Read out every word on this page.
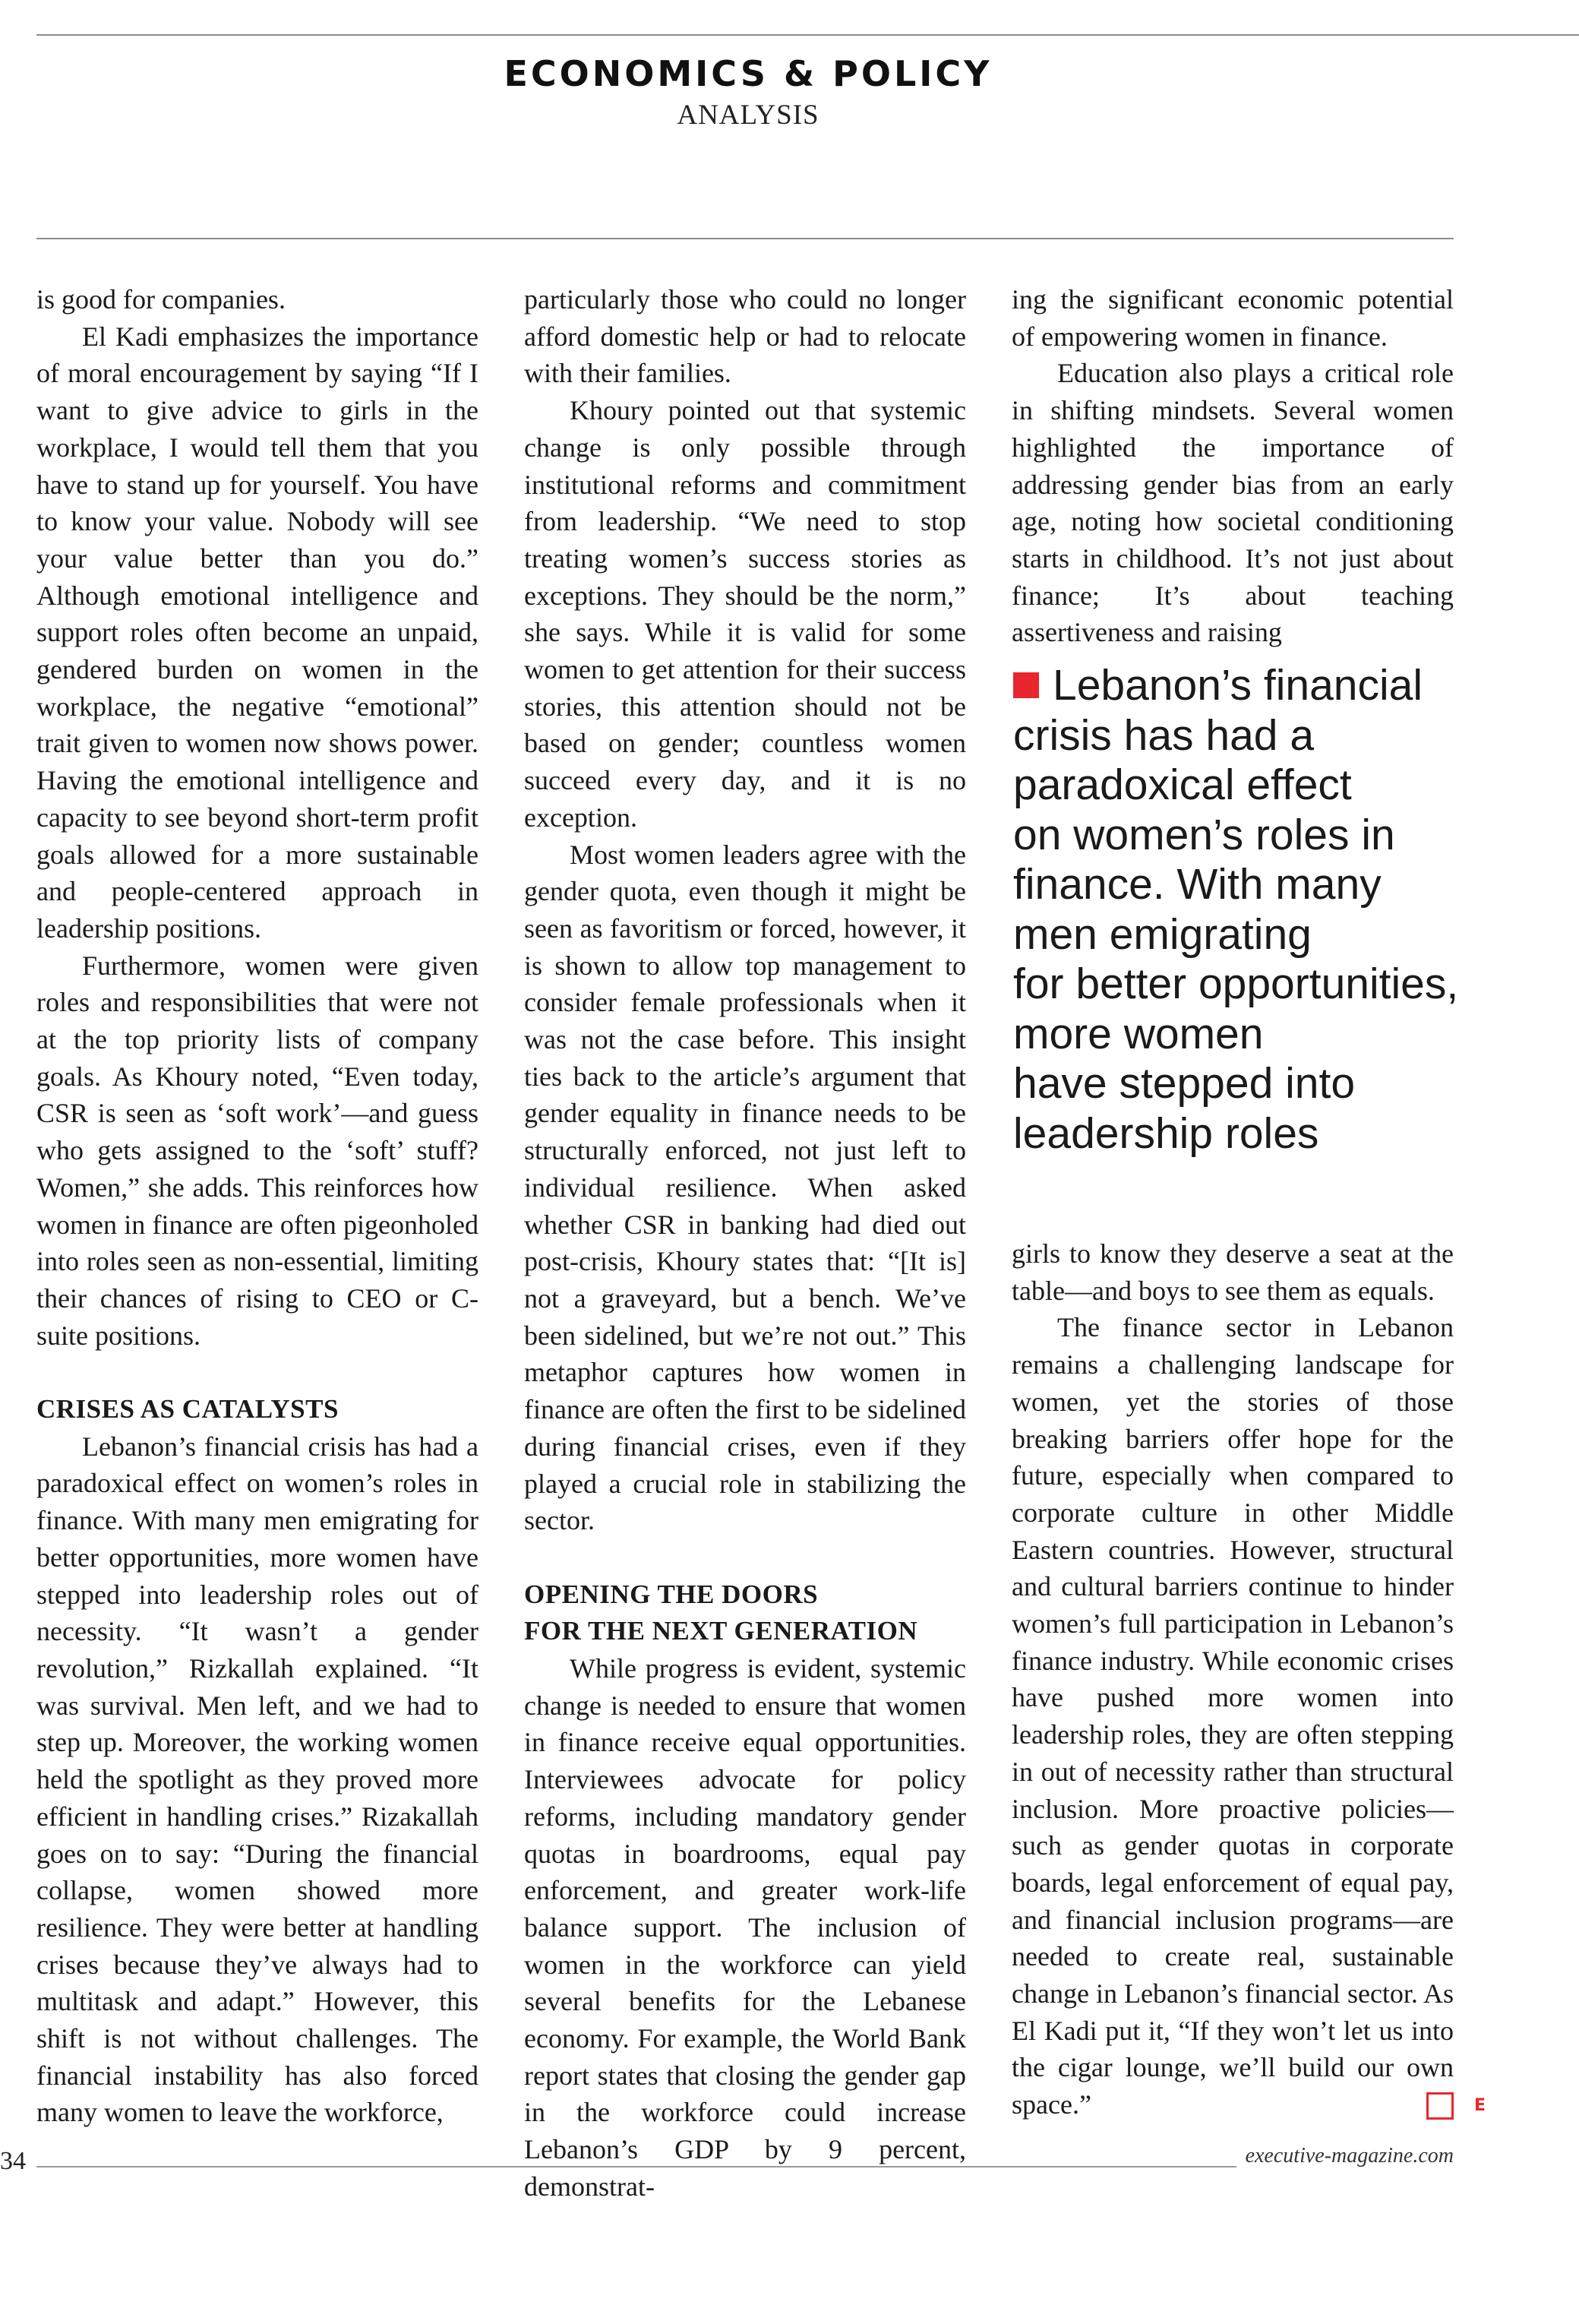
ECONOMICS & POLICY
ANALYSIS

is good for companies.

El Kadi emphasizes the importance of moral encouragement by saying “If I want to give advice to girls in the workplace, I would tell them that you have to stand up for yourself. You have to know your value. Nobody will see your value better than you do.” Although emotional intelligence and support roles often become an unpaid, gendered burden on women in the workplace, the negative “emotional” trait given to women now shows power. Having the emotional intelligence and capacity to see beyond short-term profit goals allowed for a more sustainable and people-centered approach in leadership positions.

Furthermore, women were given roles and responsibilities that were not at the top priority lists of company goals. As Khoury noted, “Even today, CSR is seen as ‘soft work’—and guess who gets assigned to the ‘soft’ stuff? Women,” she adds. This reinforces how women in finance are often pigeonholed into roles seen as non-essential, limiting their chances of rising to CEO or C-suite positions.

CRISES AS CATALYSTS

Lebanon’s financial crisis has had a paradoxical effect on women’s roles in finance. With many men emigrating for better opportunities, more women have stepped into leadership roles out of necessity. “It wasn’t a gender revolution,” Rizkallah explained. “It was survival. Men left, and we had to step up. Moreover, the working women held the spotlight as they proved more efficient in handling crises.” Rizakallah goes on to say: “During the financial collapse, women showed more resilience. They were better at handling crises because they’ve always had to multitask and adapt.” However, this shift is not without challenges. The financial instability has also forced many women to leave the workforce,

particularly those who could no longer afford domestic help or had to relocate with their families.

Khoury pointed out that systemic change is only possible through institutional reforms and commitment from leadership. “We need to stop treating women’s success stories as exceptions. They should be the norm,” she says. While it is valid for some women to get attention for their success stories, this attention should not be based on gender; countless women succeed every day, and it is no exception.

Most women leaders agree with the gender quota, even though it might be seen as favoritism or forced, however, it is shown to allow top management to consider female professionals when it was not the case before. This insight ties back to the article’s argument that gender equality in finance needs to be structurally enforced, not just left to individual resilience. When asked whether CSR in banking had died out post-crisis, Khoury states that: “[It is] not a graveyard, but a bench. We’ve been sidelined, but we’re not out.” This metaphor captures how women in finance are often the first to be sidelined during financial crises, even if they played a crucial role in stabilizing the sector.

OPENING THE DOORS
FOR THE NEXT GENERATION

While progress is evident, systemic change is needed to ensure that women in finance receive equal opportunities. Interviewees advocate for policy reforms, including mandatory gender quotas in boardrooms, equal pay enforcement, and greater work-life balance support. The inclusion of women in the workforce can yield several benefits for the Lebanese economy. For example, the World Bank report states that closing the gender gap in the workforce could increase Lebanon’s GDP by 9 percent, demonstrat-

ing the significant economic potential of empowering women in finance.

Education also plays a critical role in shifting mindsets. Several women highlighted the importance of addressing gender bias from an early age, noting how societal conditioning starts in childhood. It’s not just about finance; It’s about teaching assertiveness and raising

Lebanon’s financial
crisis has had a
paradoxical effect
on women’s roles in
finance. With many
men emigrating
for better opportunities,
more women
have stepped into
leadership roles

girls to know they deserve a seat at the table—and boys to see them as equals.

The finance sector in Lebanon remains a challenging landscape for women, yet the stories of those breaking barriers offer hope for the future, especially when compared to corporate culture in other Middle Eastern countries. However, structural and cultural barriers continue to hinder women’s full participation in Lebanon’s finance industry. While economic crises have pushed more women into leadership roles, they are often stepping in out of necessity rather than structural inclusion. More proactive policies—such as gender quotas in corporate boards, legal enforcement of equal pay, and financial inclusion programs—are needed to create real, sustainable change in Lebanon’s financial sector. As El Kadi put it, “If they won’t let us into the cigar lounge, we’ll build our own space.”	E

34	executive-magazine.com
